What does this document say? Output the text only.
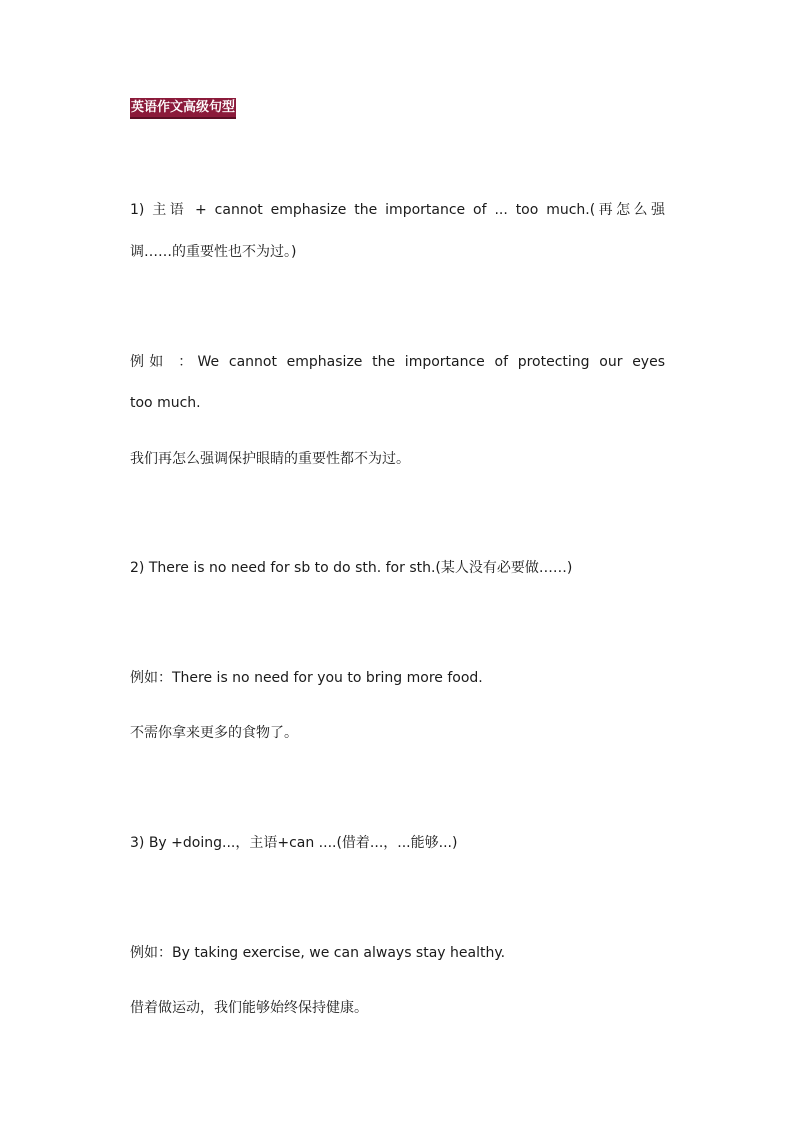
英语作文高级句型
1) 主语 + cannot emphasize the importance of ... too much.(再怎么强
调……的重要性也不为过。)
例如 ：We cannot emphasize the importance of protecting our eyes
too much.
我们再怎么强调保护眼睛的重要性都不为过。
2) There is no need for sb to do sth. for sth.(某人没有必要做……)
例如：There is no need for you to bring more food.
不需你拿来更多的食物了。
3) By +doing...，主语+can ....(借着...，...能够...)
例如：By taking exercise, we can always stay healthy.
借着做运动，我们能够始终保持健康。
